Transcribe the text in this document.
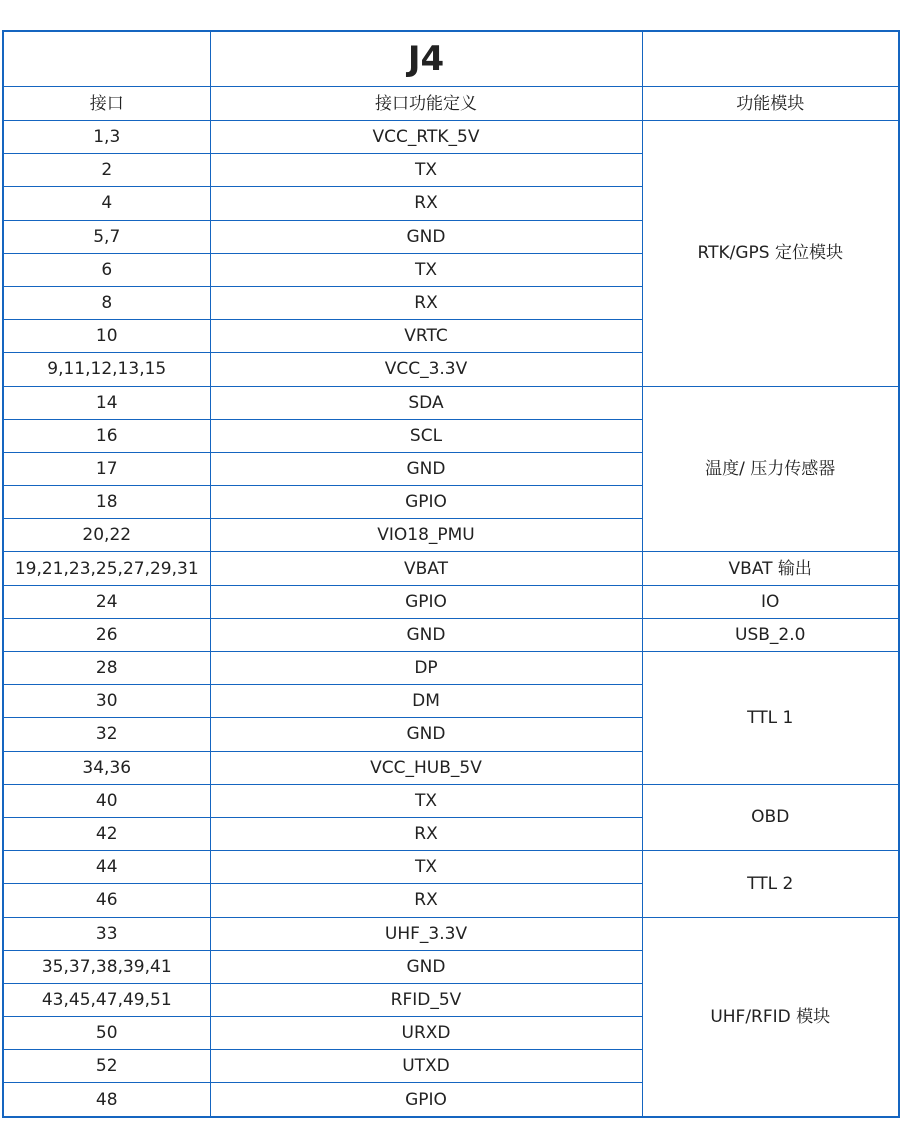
	J4	
接口	接口功能定义	功能模块
1,3	VCC_RTK_5V	RTK/GPS 定位模块
2	TX	
4	RX	
5,7	GND	
6	TX	
8	RX	
10	VRTC	
9,11,12,13,15	VCC_3.3V	
14	SDA	温度/ 压力传感器
16	SCL	
17	GND	
18	GPIO	
20,22	VIO18_PMU	
19,21,23,25,27,29,31	VBAT	VBAT 输出
24	GPIO	IO
26	GND	USB_2.0
28	DP	TTL 1
30	DM	
32	GND	
34,36	VCC_HUB_5V	
40	TX	OBD
42	RX	
44	TX	TTL 2
46	RX	
33	UHF_3.3V	UHF/RFID 模块
35,37,38,39,41	GND	
43,45,47,49,51	RFID_5V	
50	URXD	
52	UTXD	
48	GPIO	
